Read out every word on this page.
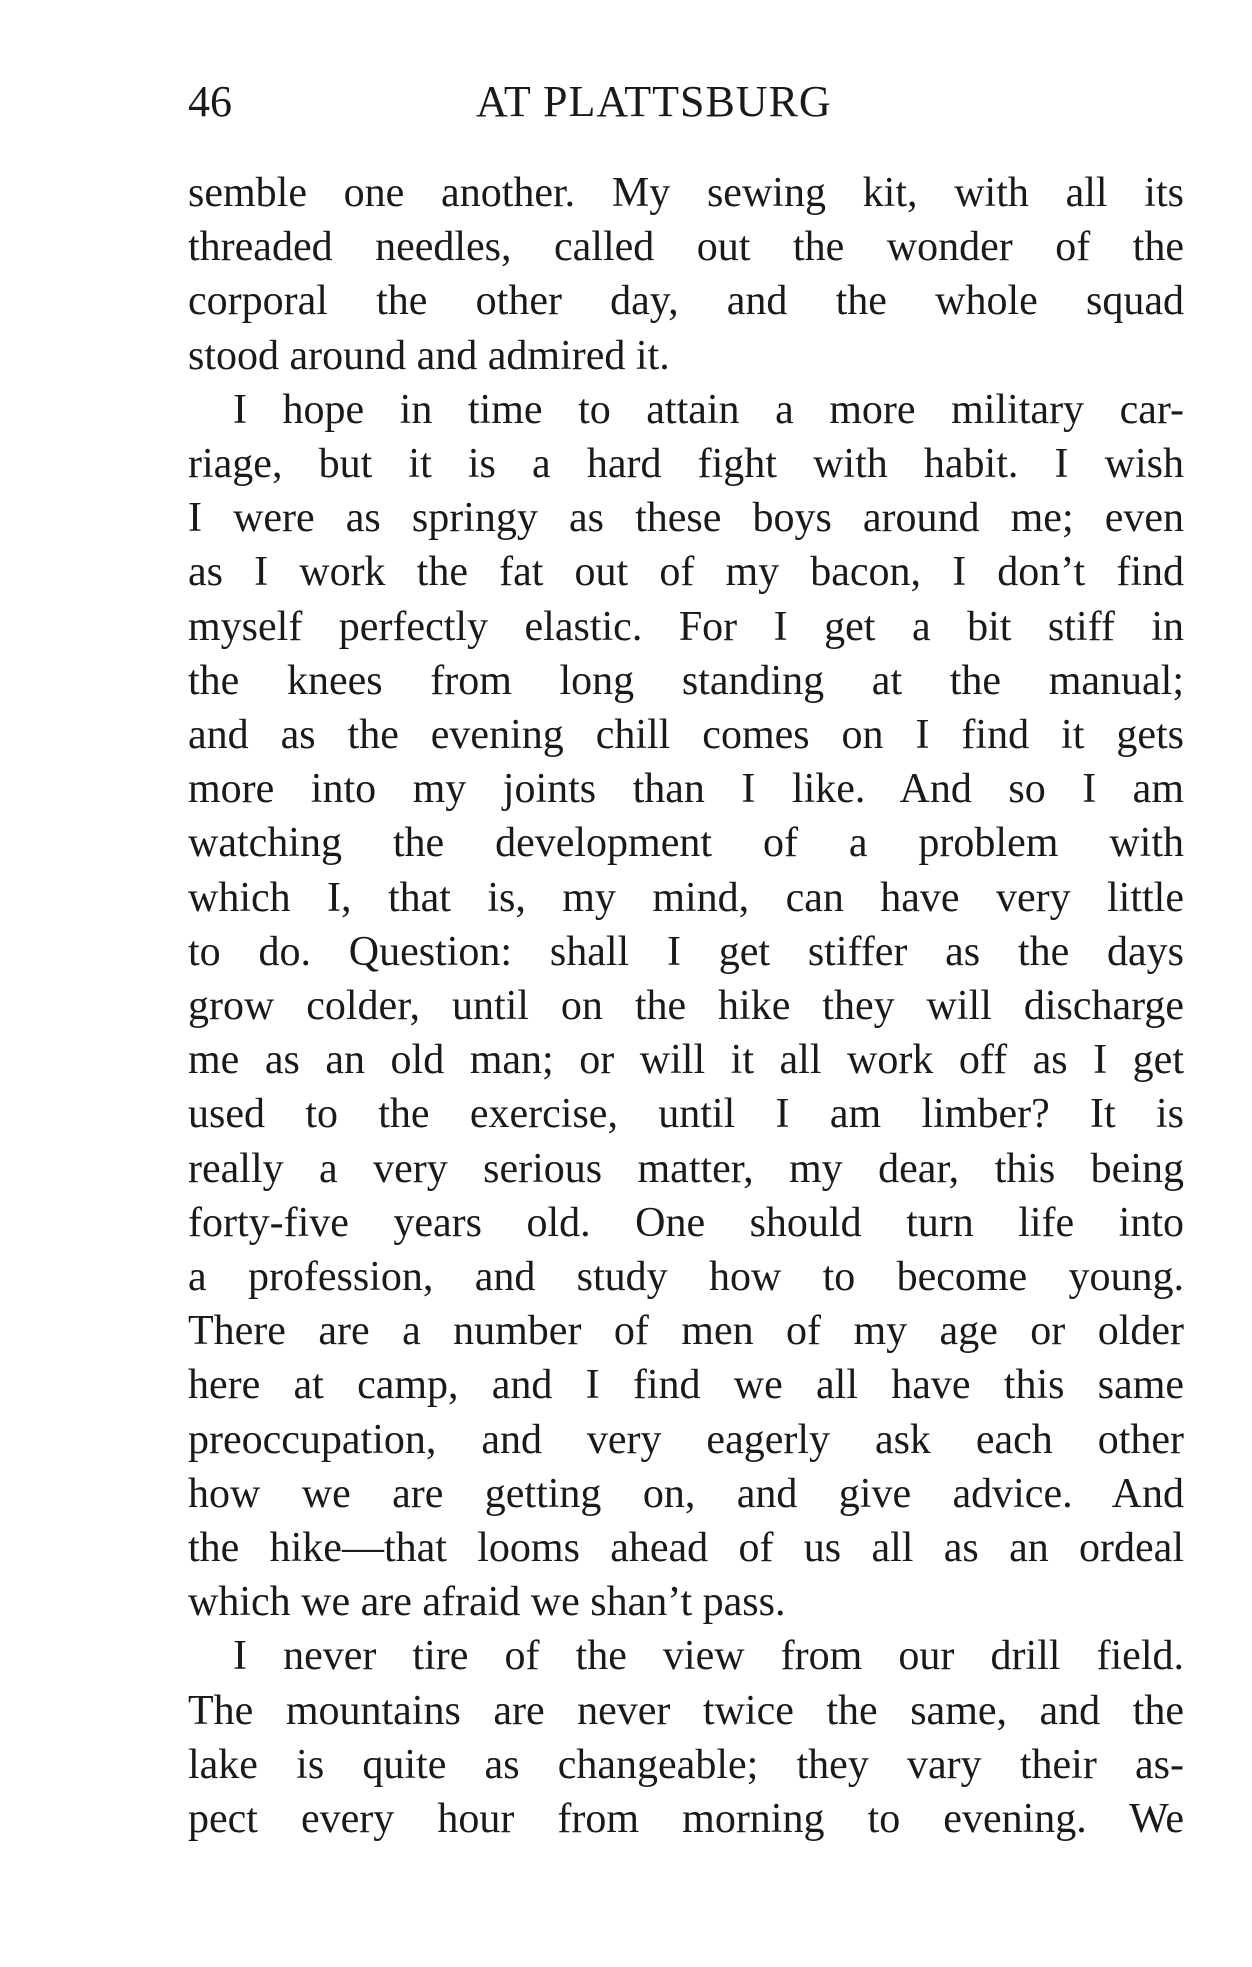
46	AT PLATTSBURG
semble one another. My sewing kit, with all its
threaded needles, called out the wonder of the
corporal the other day, and the whole squad
stood around and admired it.
I hope in time to attain a more military car-
riage, but it is a hard fight with habit. I wish
I were as springy as these boys around me; even
as I work the fat out of my bacon, I don’t find
myself perfectly elastic. For I get a bit stiff in
the knees from long standing at the manual;
and as the evening chill comes on I find it gets
more into my joints than I like. And so I am
watching the development of a problem with
which I, that is, my mind, can have very little
to do. Question: shall I get stiffer as the days
grow colder, until on the hike they will discharge
me as an old man; or will it all work off as I get
used to the exercise, until I am limber? It is
really a very serious matter, my dear, this being
forty-five years old. One should turn life into
a profession, and study how to become young.
There are a number of men of my age or older
here at camp, and I find we all have this same
preoccupation, and very eagerly ask each other
how we are getting on, and give advice. And
the hike—that looms ahead of us all as an ordeal
which we are afraid we shan’t pass.
I never tire of the view from our drill field.
The mountains are never twice the same, and the
lake is quite as changeable; they vary their as-
pect every hour from morning to evening. We
